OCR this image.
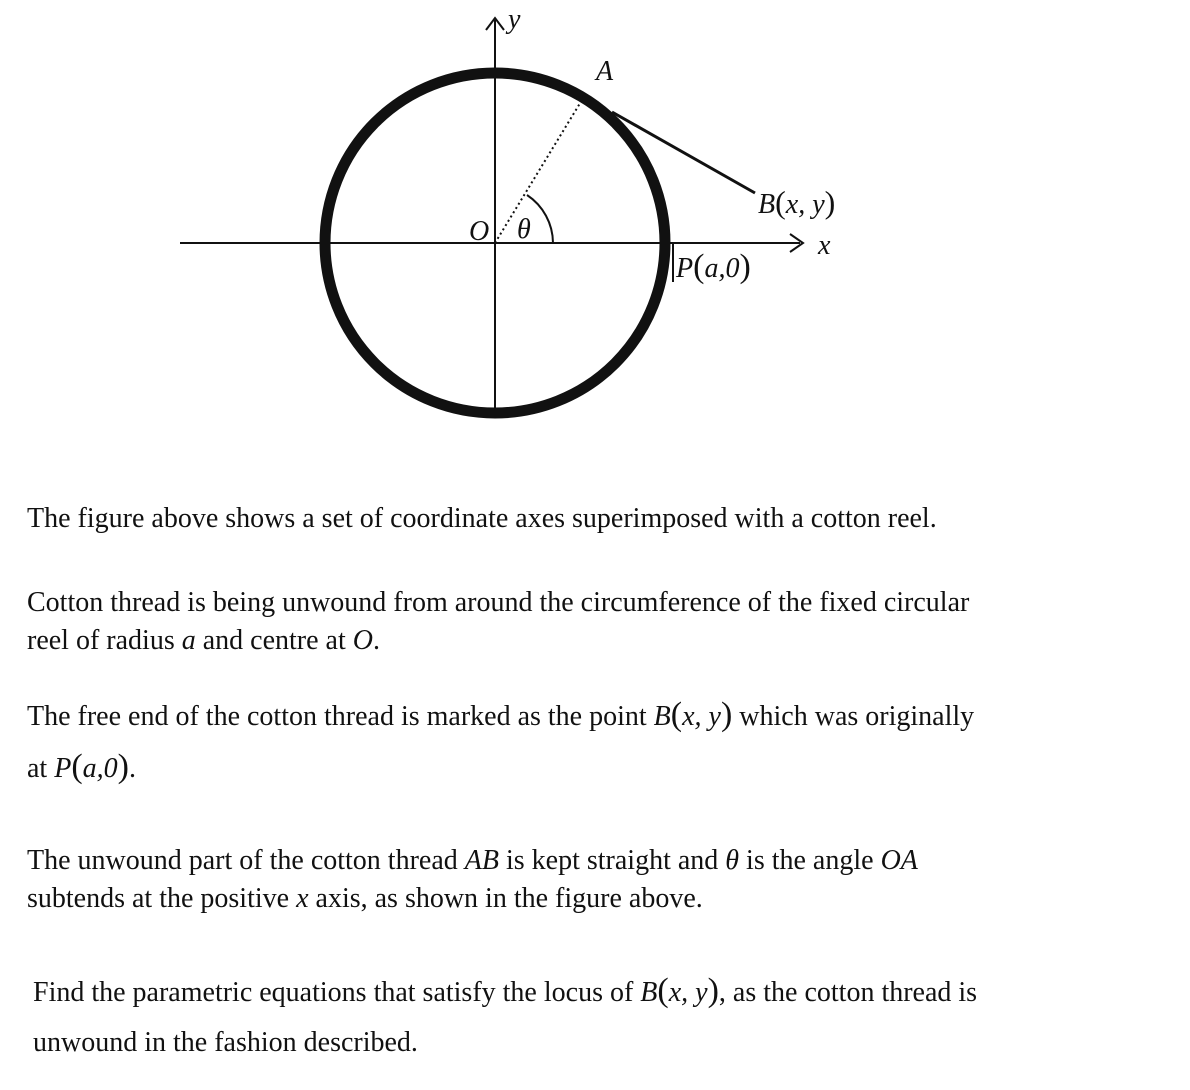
y
x
A
O θ
B(x, y)
P(a,0)

The figure above shows a set of coordinate axes superimposed with a cotton reel.

Cotton thread is being unwound from around the circumference of the fixed circular
reel of radius a and centre at O.
The free end of the cotton thread is marked as the point B(x, y) which was originally
at P(a,0).
The unwound part of the cotton thread AB is kept straight and θ is the angle OA
subtends at the positive x axis, as shown in the figure above.
Find the parametric equations that satisfy the locus of B(x, y), as the cotton thread is
unwound in the fashion described.
